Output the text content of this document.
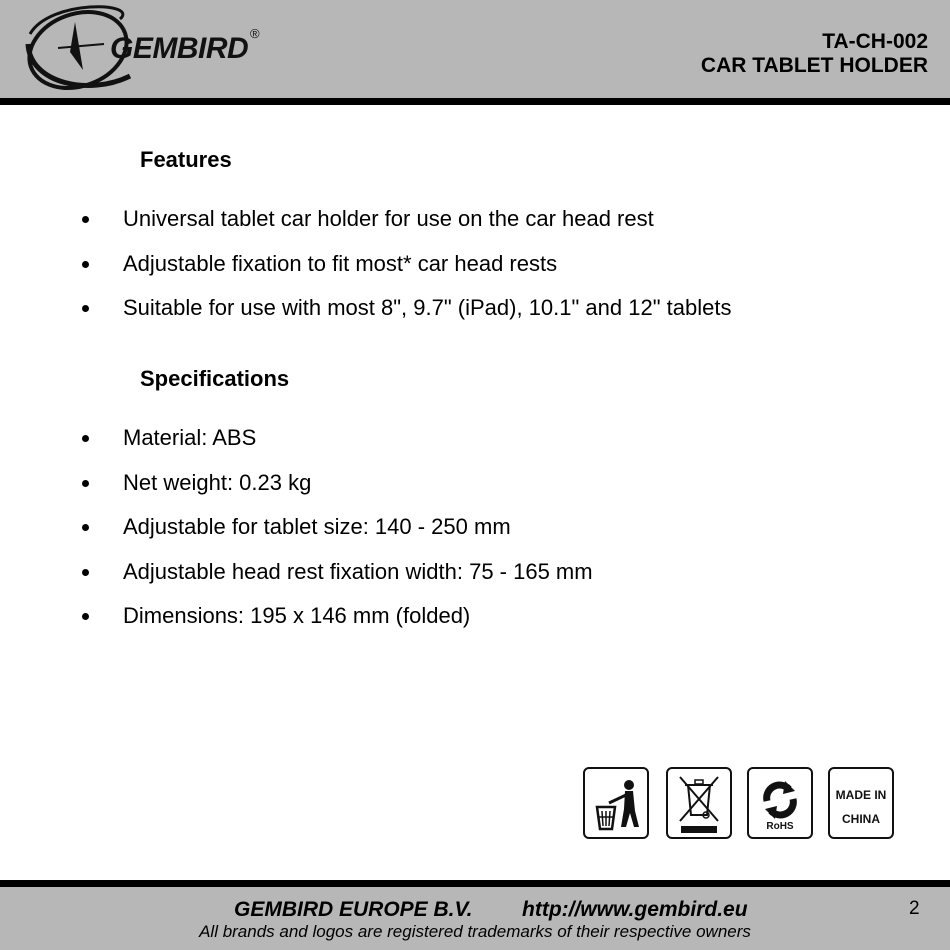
GEMBIRD ®	TA-CH-002
CAR TABLET HOLDER
Features
Universal tablet car holder for use on the car head rest
Adjustable fixation to fit most* car head rests
Suitable for use with most 8", 9.7" (iPad), 10.1" and 12" tablets
Specifications
Material: ABS
Net weight: 0.23 kg
Adjustable for tablet size: 140 - 250 mm
Adjustable head rest fixation width: 75 - 165 mm
Dimensions: 195 x 146 mm (folded)
RoHS
MADE IN
CHINA
GEMBIRD EUROPE B.V. http://www.gembird.eu	2
All brands and logos are registered trademarks of their respective owners
